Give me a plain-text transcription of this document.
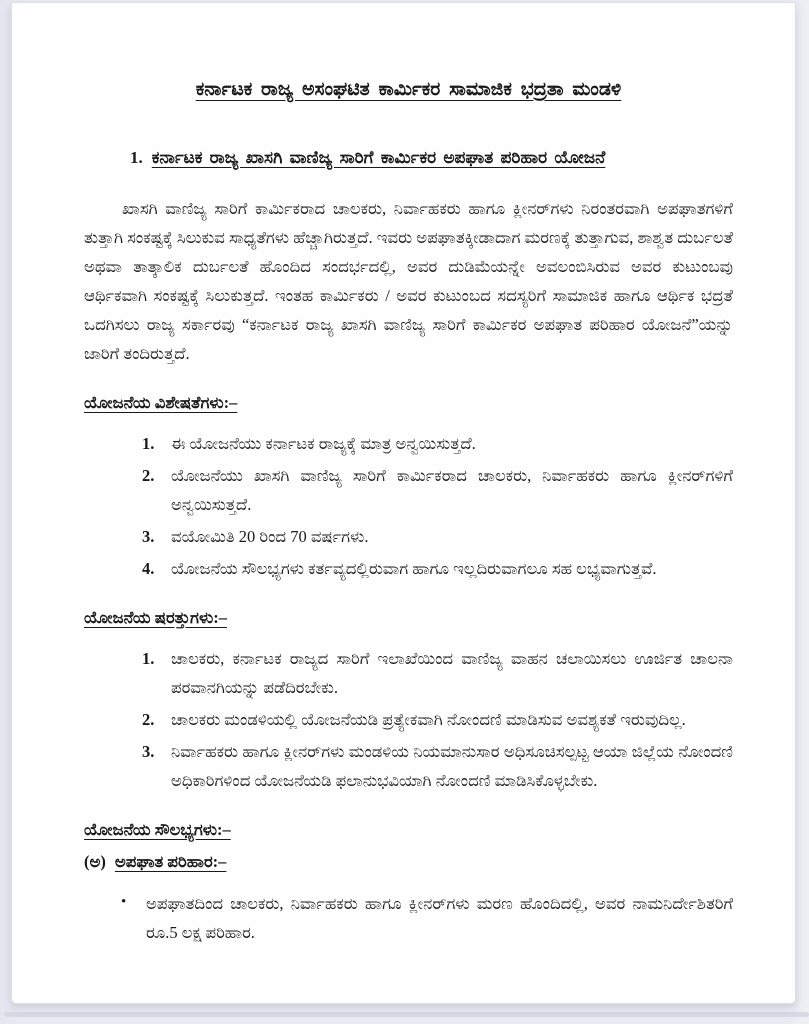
ಕರ್ನಾಟಕ ರಾಜ್ಯ ಅಸಂಘಟಿತ ಕಾರ್ಮಿಕರ ಸಾಮಾಜಿಕ ಭದ್ರತಾ ಮಂಡಳಿ
1. ಕರ್ನಾಟಕ ರಾಜ್ಯ ಖಾಸಗಿ ವಾಣಿಜ್ಯ ಸಾರಿಗೆ ಕಾರ್ಮಿಕರ ಅಪಘಾತ ಪರಿಹಾರ ಯೋಜನೆ

ಖಾಸಗಿ ವಾಣಿಜ್ಯ ಸಾರಿಗೆ ಕಾರ್ಮಿಕರಾದ ಚಾಲಕರು, ನಿರ್ವಾಹಕರು ಹಾಗೂ ಕ್ಲೀನರ್‌ಗಳು ನಿರಂತರವಾಗಿ ಅಪಘಾತಗಳಿಗೆ ತುತ್ತಾಗಿ ಸಂಕಷ್ಟಕ್ಕೆ ಸಿಲುಕುವ ಸಾಧ್ಯತೆಗಳು ಹೆಚ್ಚಾಗಿರುತ್ತದೆ. ಇವರು ಅಪಘಾತಕ್ಕೀಡಾದಾಗ ಮರಣಕ್ಕೆ ತುತ್ತಾಗುವ, ಶಾಶ್ವತ ದುರ್ಬಲತೆ ಅಥವಾ ತಾತ್ಕಾಲಿಕ ದುರ್ಬಲತೆ ಹೊಂದಿದ ಸಂದರ್ಭದಲ್ಲಿ, ಅವರ ದುಡಿಮೆಯನ್ನೇ ಅವಲಂಬಿಸಿರುವ ಅವರ ಕುಟುಂಬವು ಆರ್ಥಿಕವಾಗಿ ಸಂಕಷ್ಟಕ್ಕೆ ಸಿಲುಕುತ್ತದೆ. ಇಂತಹ ಕಾರ್ಮಿಕರು / ಅವರ ಕುಟುಂಬದ ಸದಸ್ಯರಿಗೆ ಸಾಮಾಜಿಕ ಹಾಗೂ ಆರ್ಥಿಕ ಭದ್ರತೆ ಒದಗಿಸಲು ರಾಜ್ಯ ಸರ್ಕಾರವು “ಕರ್ನಾಟಕ ರಾಜ್ಯ ಖಾಸಗಿ ವಾಣಿಜ್ಯ ಸಾರಿಗೆ ಕಾರ್ಮಿಕರ ಅಪಘಾತ ಪರಿಹಾರ ಯೋಜನೆ”ಯನ್ನು ಜಾರಿಗೆ ತಂದಿರುತ್ತದೆ.

ಯೋಜನೆಯ ವಿಶೇಷತೆಗಳು:–
1. ಈ ಯೋಜನೆಯು ಕರ್ನಾಟಕ ರಾಜ್ಯಕ್ಕೆ ಮಾತ್ರ ಅನ್ವಯಿಸುತ್ತದೆ.
2. ಯೋಜನೆಯು ಖಾಸಗಿ ವಾಣಿಜ್ಯ ಸಾರಿಗೆ ಕಾರ್ಮಿಕರಾದ ಚಾಲಕರು, ನಿರ್ವಾಹಕರು ಹಾಗೂ ಕ್ಲೀನರ್‌ಗಳಿಗೆ ಅನ್ವಯಿಸುತ್ತದೆ.
3. ವಯೋಮಿತಿ 20 ರಿಂದ 70 ವರ್ಷಗಳು.
4. ಯೋಜನೆಯ ಸೌಲಭ್ಯಗಳು ಕರ್ತವ್ಯದಲ್ಲಿರುವಾಗ ಹಾಗೂ ಇಲ್ಲದಿರುವಾಗಲೂ ಸಹ ಲಭ್ಯವಾಗುತ್ತವೆ.
ಯೋಜನೆಯ ಷರತ್ತುಗಳು:–
1. ಚಾಲಕರು, ಕರ್ನಾಟಕ ರಾಜ್ಯದ ಸಾರಿಗೆ ಇಲಾಖೆಯಿಂದ ವಾಣಿಜ್ಯ ವಾಹನ ಚಲಾಯಿಸಲು ಊರ್ಜಿತ ಚಾಲನಾ ಪರವಾನಗಿಯನ್ನು ಪಡೆದಿರಬೇಕು.
2. ಚಾಲಕರು ಮಂಡಳಿಯಲ್ಲಿ ಯೋಜನೆಯಡಿ ಪ್ರತ್ಯೇಕವಾಗಿ ನೋಂದಣಿ ಮಾಡಿಸುವ ಅವಶ್ಯಕತೆ ಇರುವುದಿಲ್ಲ.
3. ನಿರ್ವಾಹಕರು ಹಾಗೂ ಕ್ಲೀನರ್‌ಗಳು ಮಂಡಳಿಯ ನಿಯಮಾನುಸಾರ ಅಧಿಸೂಚಿಸಲ್ಪಟ್ಟ ಆಯಾ ಜಿಲ್ಲೆಯ ನೋಂದಣಿ ಅಧಿಕಾರಿಗಳಿಂದ ಯೋಜನೆಯಡಿ ಫಲಾನುಭವಿಯಾಗಿ ನೋಂದಣಿ ಮಾಡಿಸಿಕೊಳ್ಳಬೇಕು.
ಯೋಜನೆಯ ಸೌಲಭ್ಯಗಳು:–
(ಅ) ಅಪಘಾತ ಪರಿಹಾರ:–
• ಅಪಘಾತದಿಂದ ಚಾಲಕರು, ನಿರ್ವಾಹಕರು ಹಾಗೂ ಕ್ಲೀನರ್‌ಗಳು ಮರಣ ಹೊಂದಿದಲ್ಲಿ, ಅವರ ನಾಮನಿರ್ದೇಶಿತರಿಗೆ ರೂ.5 ಲಕ್ಷ ಪರಿಹಾರ.
